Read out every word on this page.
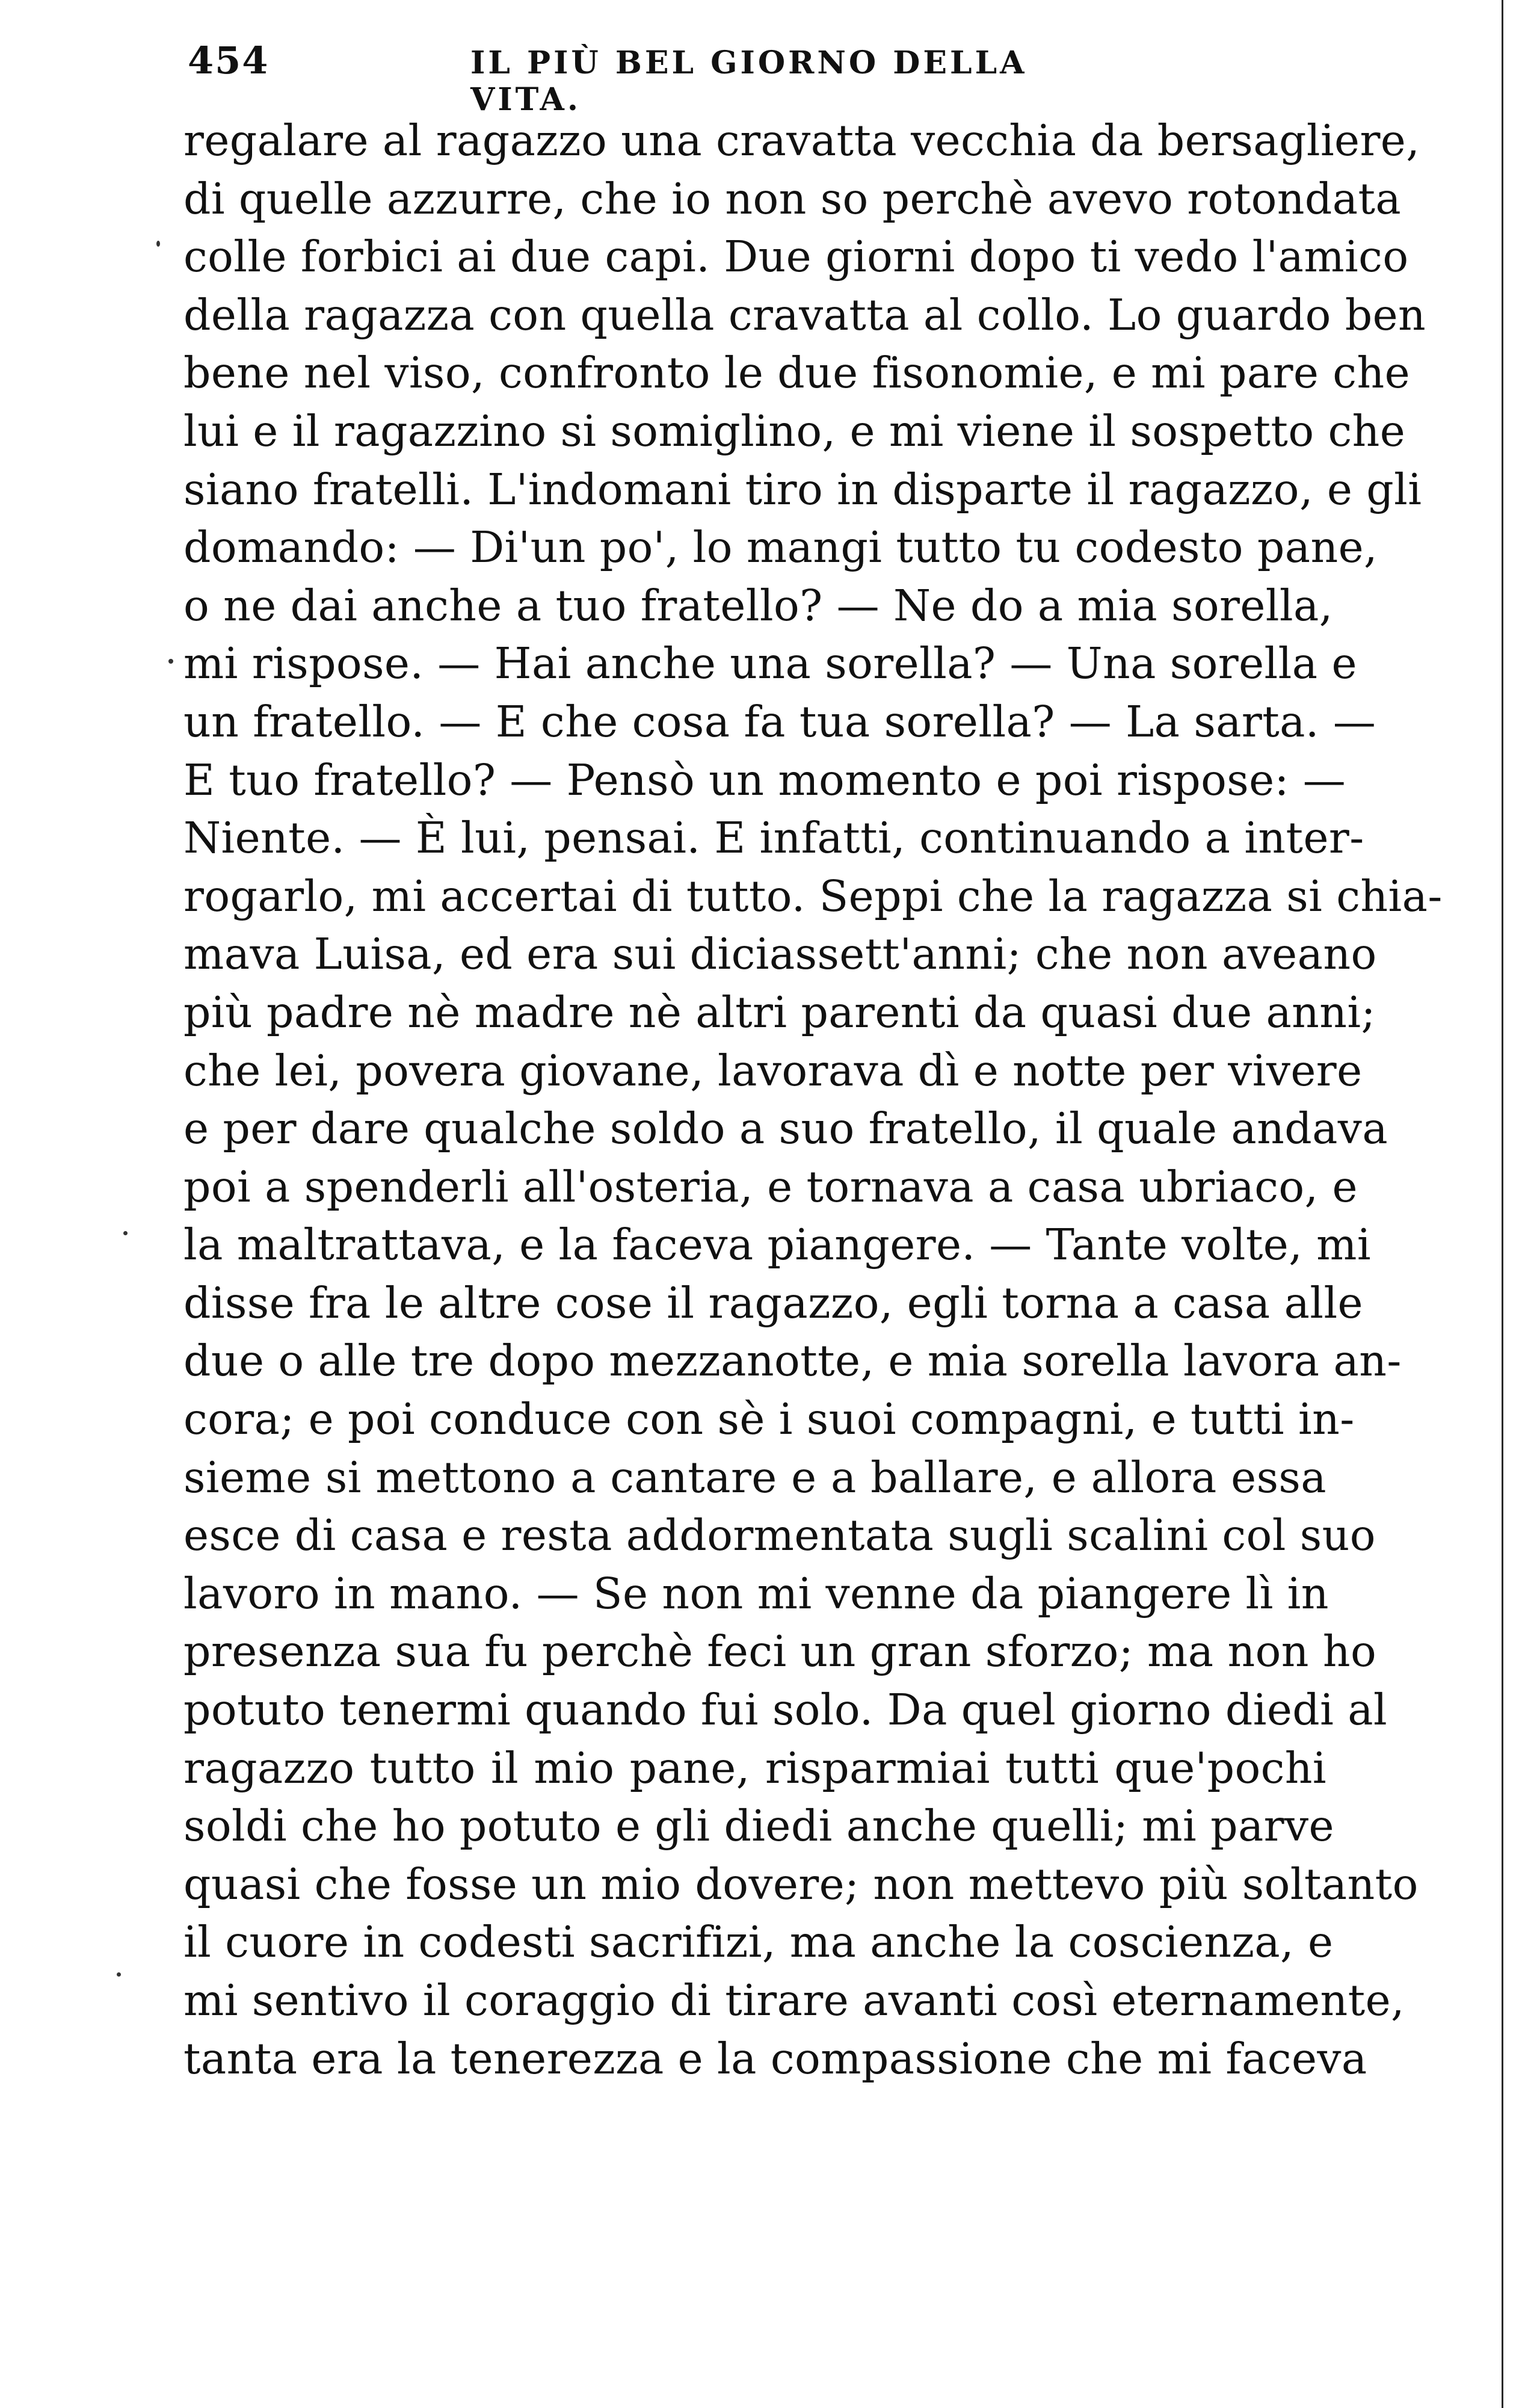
454	IL PIÙ BEL GIORNO DELLA VITA.
regalare al ragazzo una cravatta vecchia da bersagliere,
di quelle azzurre, che io non so perchè avevo rotondata
colle forbici ai due capi. Due giorni dopo ti vedo l'amico
della ragazza con quella cravatta al collo. Lo guardo ben
bene nel viso, confronto le due fisonomie, e mi pare che
lui e il ragazzino si somiglino, e mi viene il sospetto che
siano fratelli. L'indomani tiro in disparte il ragazzo, e gli
domando: — Di'un po', lo mangi tutto tu codesto pane,
o ne dai anche a tuo fratello? — Ne do a mia sorella,
mi rispose. — Hai anche una sorella? — Una sorella e
un fratello. — E che cosa fa tua sorella? — La sarta. —
E tuo fratello? — Pensò un momento e poi rispose: —
Niente. — È lui, pensai. E infatti, continuando a inter-
rogarlo, mi accertai di tutto. Seppi che la ragazza si chia-
mava Luisa, ed era sui diciassett'anni; che non aveano
più padre nè madre nè altri parenti da quasi due anni;
che lei, povera giovane, lavorava dì e notte per vivere
e per dare qualche soldo a suo fratello, il quale andava
poi a spenderli all'osteria, e tornava a casa ubriaco, e
la maltrattava, e la faceva piangere. — Tante volte, mi
disse fra le altre cose il ragazzo, egli torna a casa alle
due o alle tre dopo mezzanotte, e mia sorella lavora an-
cora; e poi conduce con sè i suoi compagni, e tutti in-
sieme si mettono a cantare e a ballare, e allora essa
esce di casa e resta addormentata sugli scalini col suo
lavoro in mano. — Se non mi venne da piangere lì in
presenza sua fu perchè feci un gran sforzo; ma non ho
potuto tenermi quando fui solo. Da quel giorno diedi al
ragazzo tutto il mio pane, risparmiai tutti que'pochi
soldi che ho potuto e gli diedi anche quelli; mi parve
quasi che fosse un mio dovere; non mettevo più soltanto
il cuore in codesti sacrifizi, ma anche la coscienza, e
mi sentivo il coraggio di tirare avanti così eternamente,
tanta era la tenerezza e la compassione che mi faceva
